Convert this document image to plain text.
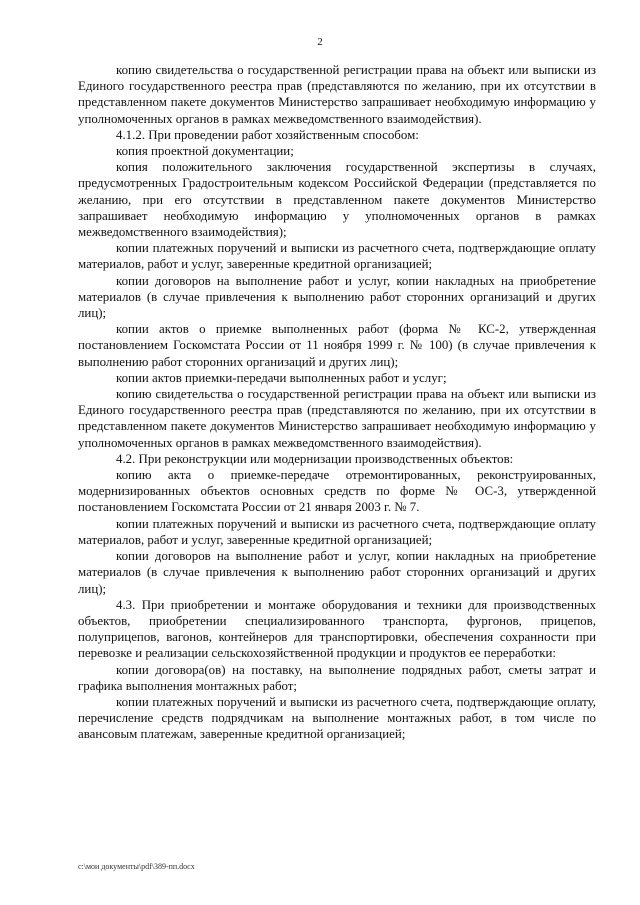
2

копию свидетельства о государственной регистрации права на объект или выписки из Единого государственного реестра прав (представляются по желанию, при их отсутствии в представленном пакете документов Министерство запрашивает необходимую информацию у уполномоченных органов в рамках межведомственного взаимодействия).

4.1.2. При проведении работ хозяйственным способом:

копия проектной документации;

копия положительного заключения государственной экспертизы в случаях, предусмотренных Градостроительным кодексом Российской Федерации (представляется по желанию, при его отсутствии в представленном пакете документов Министерство запрашивает необходимую информацию у уполномоченных органов в рамках межведомственного взаимодействия);

копии платежных поручений и выписки из расчетного счета, подтверждающие оплату материалов, работ и услуг, заверенные кредитной организацией;

копии договоров на выполнение работ и услуг, копии накладных на приобретение материалов (в случае привлечения к выполнению работ сторонних организаций и других лиц);

копии актов о приемке выполненных работ (форма № КС-2, утвержденная постановлением Госкомстата России от 11 ноября 1999 г. № 100) (в случае привлечения к выполнению работ сторонних организаций и других лиц);

копии актов приемки-передачи выполненных работ и услуг;

копию свидетельства о государственной регистрации права на объект или выписки из Единого государственного реестра прав (представляются по желанию, при их отсутствии в представленном пакете документов Министерство запрашивает необходимую информацию у уполномоченных органов в рамках межведомственного взаимодействия).

4.2. При реконструкции или модернизации производственных объектов:

копию акта о приемке-передаче отремонтированных, реконструированных, модернизированных объектов основных средств по форме № ОС-3, утвержденной постановлением Госкомстата России от 21 января 2003 г. № 7.

копии платежных поручений и выписки из расчетного счета, подтверждающие оплату материалов, работ и услуг, заверенные кредитной организацией;

копии договоров на выполнение работ и услуг, копии накладных на приобретение материалов (в случае привлечения к выполнению работ сторонних организаций и других лиц);

4.3. При приобретении и монтаже оборудования и техники для производственных объектов, приобретении специализированного транспорта, фургонов, прицепов, полуприцепов, вагонов, контейнеров для транспортировки, обеспечения сохранности при перевозке и реализации сельскохозяйственной продукции и продуктов ее переработки:

копии договора(ов) на поставку, на выполнение подрядных работ, сметы затрат и графика выполнения монтажных работ;

копии платежных поручений и выписки из расчетного счета, подтверждающие оплату, перечисление средств подрядчикам на выполнение монтажных работ, в том числе по авансовым платежам, заверенные кредитной организацией;

c:\мои документы\pdf\389-пп.docx
